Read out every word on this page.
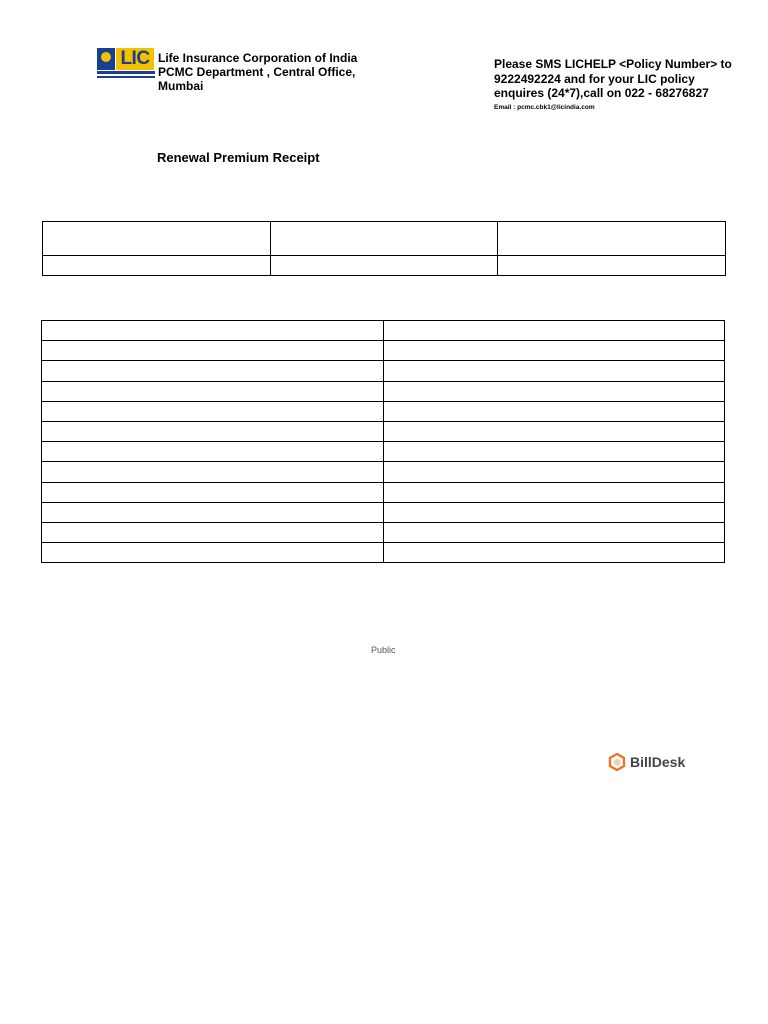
LIC Life Insurance Corporation of India
PCMC Department , Central Office,
Mumbai
Please SMS LICHELP <Policy Number> to
9222492224 and for your LIC policy
enquires (24*7),call on 022 - 68276827
Email : pcmc.cbk1@licindia.com
Renewal Premium Receipt

Public
BillDesk
